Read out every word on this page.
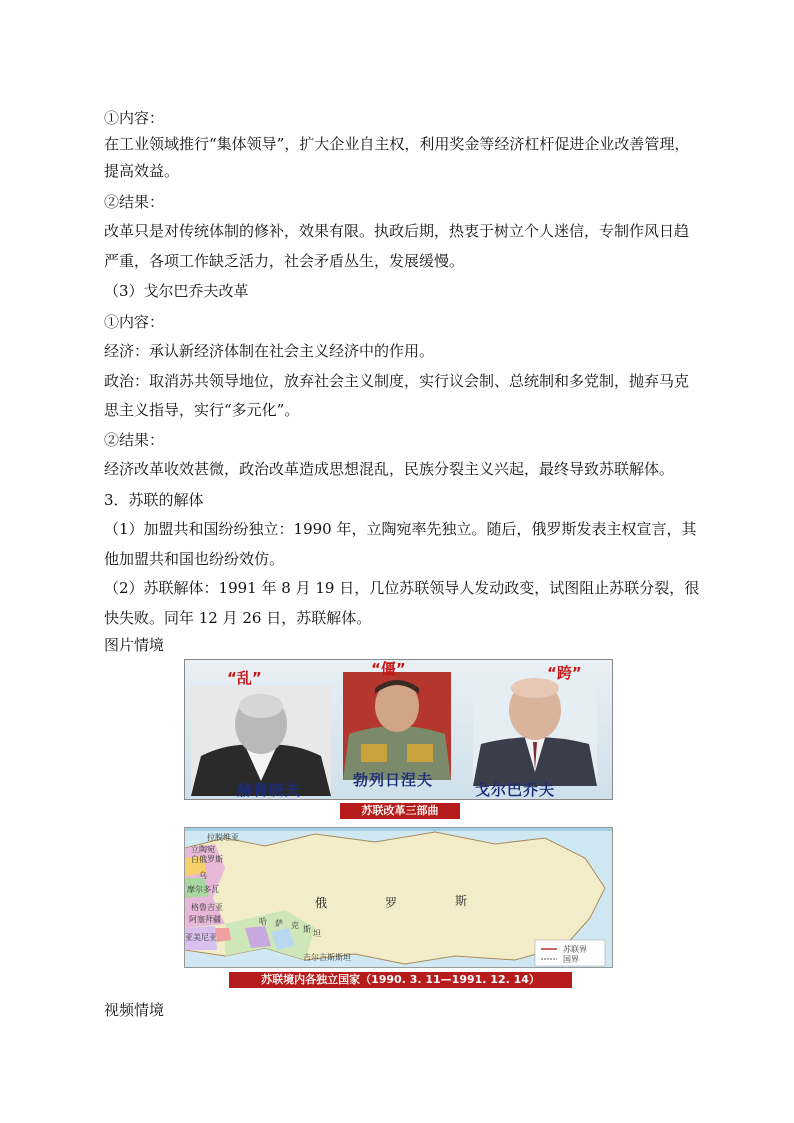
①内容：
在工业领域推行“集体领导”，扩大企业自主权，利用奖金等经济杠杆促进企业改善管理，
提高效益。
②结果：
改革只是对传统体制的修补，效果有限。执政后期，热衷于树立个人迷信，专制作风日趋
严重，各项工作缺乏活力，社会矛盾丛生，发展缓慢。
（3）戈尔巴乔夫改革
①内容：
经济：承认新经济体制在社会主义经济中的作用。
政治：取消苏共领导地位，放弃社会主义制度，实行议会制、总统制和多党制，抛弃马克
思主义指导，实行“多元化”。
②结果：
经济改革收效甚微，政治改革造成思想混乱，民族分裂主义兴起，最终导致苏联解体。
3．苏联的解体
（1）加盟共和国纷纷独立：1990 年，立陶宛率先独立。随后，俄罗斯发表主权宣言，其
他加盟共和国也纷纷效仿。
（2）苏联解体：1991 年 8 月 19 日，几位苏联领导人发动政变，试图阻止苏联分裂，很
快失败。同年 12 月 26 日，苏联解体。
图片情境
“乱”	“僵”	“跨”
赫鲁晓夫
勃列日涅夫
戈尔巴乔夫
苏联改革三部曲
拉脱维亚
立陶宛
白俄罗斯
乌
摩尔多瓦
格鲁吉亚
阿塞拜疆
亚美尼亚
俄	罗	斯
哈 萨 克 斯 坦
吉尔吉斯斯坦
苏联界
国界
苏联境内各独立国家（1990. 3. 11—1991. 12. 14）
视频情境
